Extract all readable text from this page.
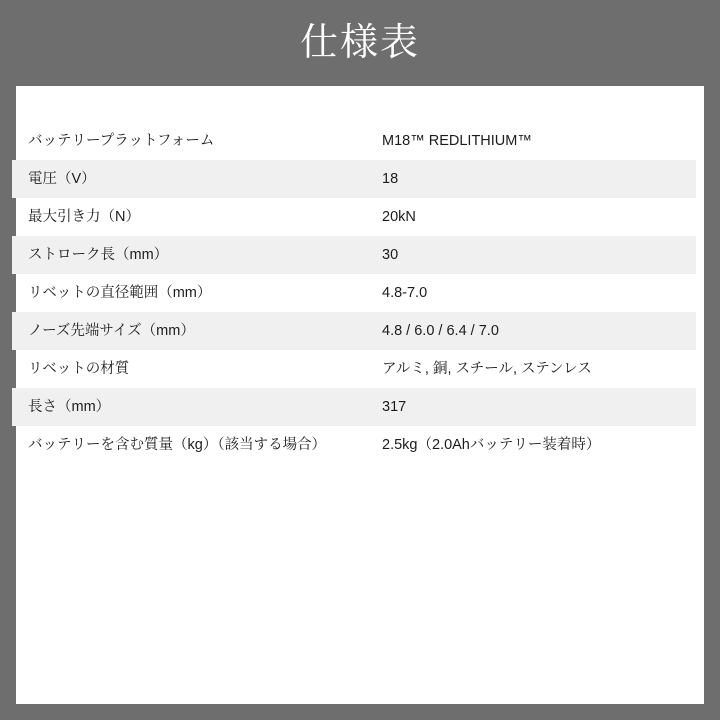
仕様表
バッテリープラットフォーム	M18™ REDLITHIUM™
電圧（V）	18
最大引き力（N）	20kN
ストローク長（mm）	30
リベットの直径範囲（mm）	4.8-7.0
ノーズ先端サイズ（mm）	4.8 / 6.0 / 6.4 / 7.0
リベットの材質	アルミ, 銅, スチール, ステンレス
長さ（mm）	317
バッテリーを含む質量（kg）（該当する場合）	2.5kg（2.0Ahバッテリー装着時）
